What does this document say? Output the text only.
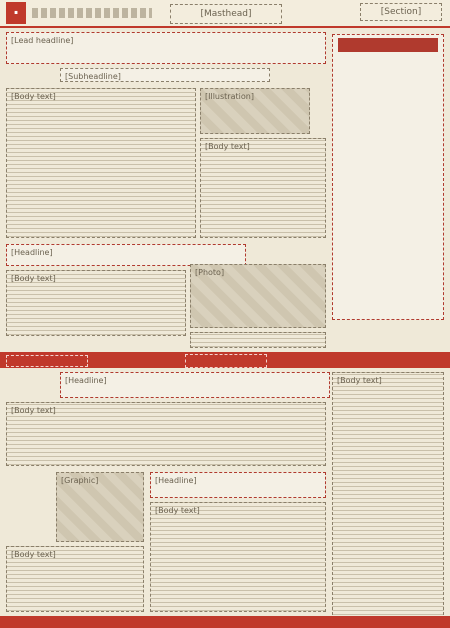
·	[Masthead]	[Section]
[Lead headline]
[Subheadline]
[Body text]	[Illustration]
[Body text]
[Headline]
[Body text]
[Photo]
[Headline]
[Body text]
[Body text]
[Graphic]	[Headline]
[Body text]
[Body text]
